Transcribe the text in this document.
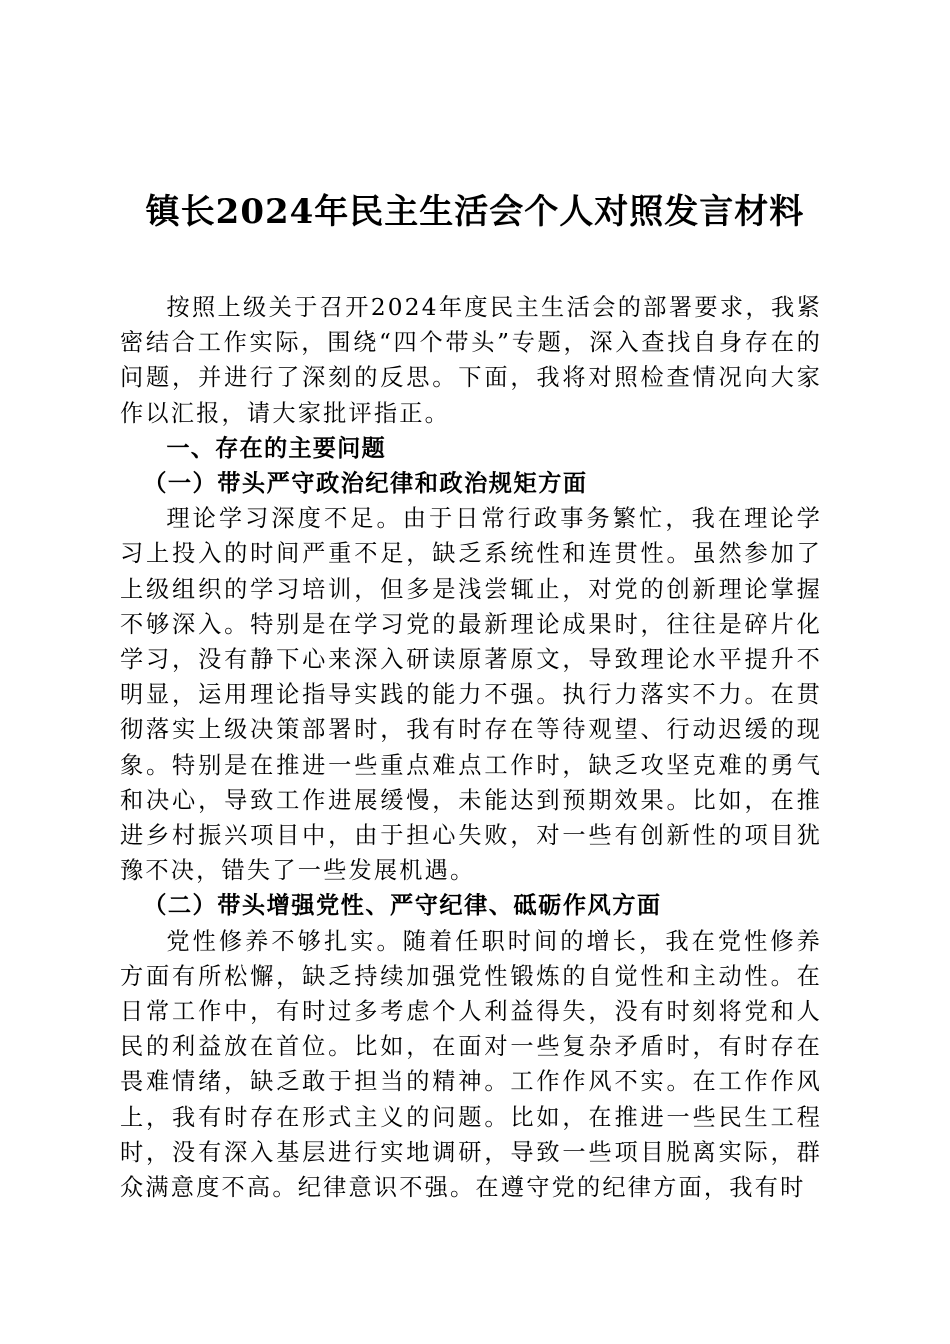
镇长2024年民主生活会个人对照发言材料

按照上级关于召开2024年度民主生活会的部署要求，我紧密结合工作实际，围绕“四个带头”专题，深入查找自身存在的问题，并进行了深刻的反思。下面，我将对照检查情况向大家作以汇报，请大家批评指正。

一、存在的主要问题

（一）带头严守政治纪律和政治规矩方面

理论学习深度不足。由于日常行政事务繁忙，我在理论学习上投入的时间严重不足，缺乏系统性和连贯性。虽然参加了上级组织的学习培训，但多是浅尝辄止，对党的创新理论掌握不够深入。特别是在学习党的最新理论成果时，往往是碎片化学习，没有静下心来深入研读原著原文，导致理论水平提升不明显，运用理论指导实践的能力不强。执行力落实不力。在贯彻落实上级决策部署时，我有时存在等待观望、行动迟缓的现象。特别是在推进一些重点难点工作时，缺乏攻坚克难的勇气和决心，导致工作进展缓慢，未能达到预期效果。比如，在推进乡村振兴项目中，由于担心失败，对一些有创新性的项目犹豫不决，错失了一些发展机遇。

（二）带头增强党性、严守纪律、砥砺作风方面

党性修养不够扎实。随着任职时间的增长，我在党性修养方面有所松懈，缺乏持续加强党性锻炼的自觉性和主动性。在日常工作中，有时过多考虑个人利益得失，没有时刻将党和人民的利益放在首位。比如，在面对一些复杂矛盾时，有时存在畏难情绪，缺乏敢于担当的精神。工作作风不实。在工作作风上，我有时存在形式主义的问题。比如，在推进一些民生工程时，没有深入基层进行实地调研，导致一些项目脱离实际，群众满意度不高。纪律意识不强。在遵守党的纪律方面，我有时
